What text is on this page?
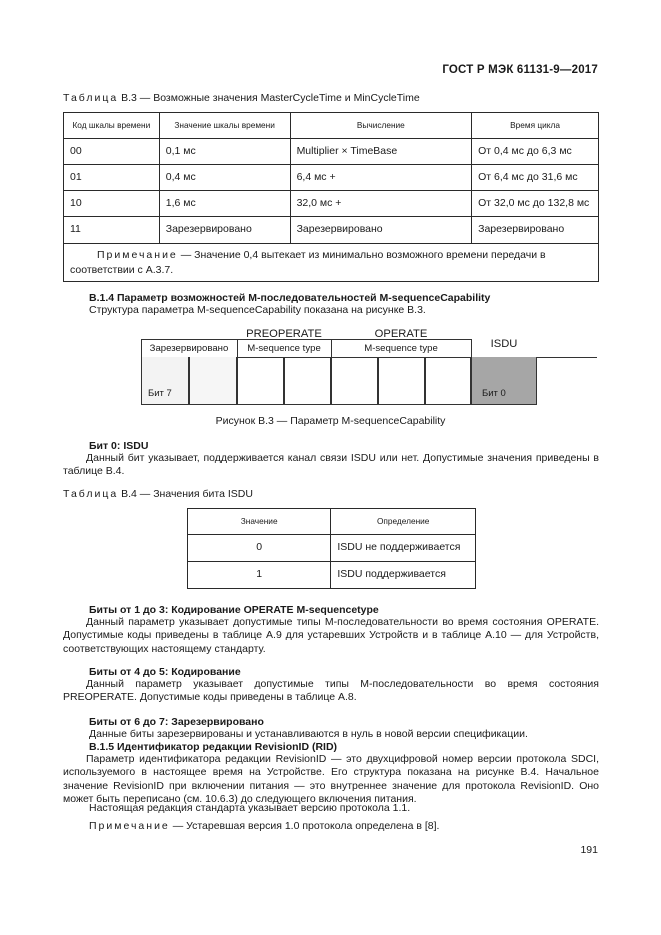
ГОСТ Р МЭК 61131-9—2017
Таблица В.3 — Возможные значения MasterCycleTime и MinCycleTime
Код шкалы времени	Значение шкалы времени	Вычисление	Время цикла
00	0,1 мс	Multiplier × TimeBase	От 0,4 мс до 6,3 мс
01	0,4 мс	6,4 мс +	От 6,4 мс до 31,6 мс
10	1,6 мс	32,0 мс +	От 32,0 мс до 132,8 мс
11	Зарезервировано	Зарезервировано	Зарезервировано
Примечание — Значение 0,4 вытекает из минимально возможного времени передачи в соответствии с А.3.7.			
В.1.4 Параметр возможностей М-последовательностей M-sequenceCapability
Структура параметра M-sequenceCapability показана на рисунке В.3.
Зарезервировано
PREOPERATE
M-sequence type
OPERATE
M-sequence type	ISDU
Бит 7	Бит 0
Рисунок В.3 — Параметр M-sequenceCapability
Бит 0: ISDU
Данный бит указывает, поддерживается канал связи ISDU или нет. Допустимые значения приведены в таблице В.4.
Таблица В.4 — Значения бита ISDU
Значение	Определение
0	ISDU не поддерживается
1	ISDU поддерживается
Биты от 1 до 3: Кодирование OPERATE M-sequencetype
Данный параметр указывает допустимые типы М-последовательности во время состояния OPERATE. Допустимые коды приведены в таблице А.9 для устаревших Устройств и в таблице А.10 — для Устройств, соответствующих настоящему стандарту.
Биты от 4 до 5: Кодирование
Данный параметр указывает допустимые типы М-последовательности во время состояния PREOPERATE. Допустимые коды приведены в таблице А.8.
Биты от 6 до 7: Зарезервировано
Данные биты зарезервированы и устанавливаются в нуль в новой версии спецификации.
В.1.5 Идентификатор редакции RevisionID (RID)
Параметр идентификатора редакции RevisionID — это двухцифровой номер версии протокола SDCI, используемого в настоящее время на Устройстве. Его структура показана на рисунке В.4. Начальное значение RevisionID при включении питания — это внутреннее значение для протокола RevisionID. Оно может быть переписано (см. 10.6.3) до следующего включения питания.
Настоящая редакция стандарта указывает версию протокола 1.1.
Примечание — Устаревшая версия 1.0 протокола определена в [8].
191
